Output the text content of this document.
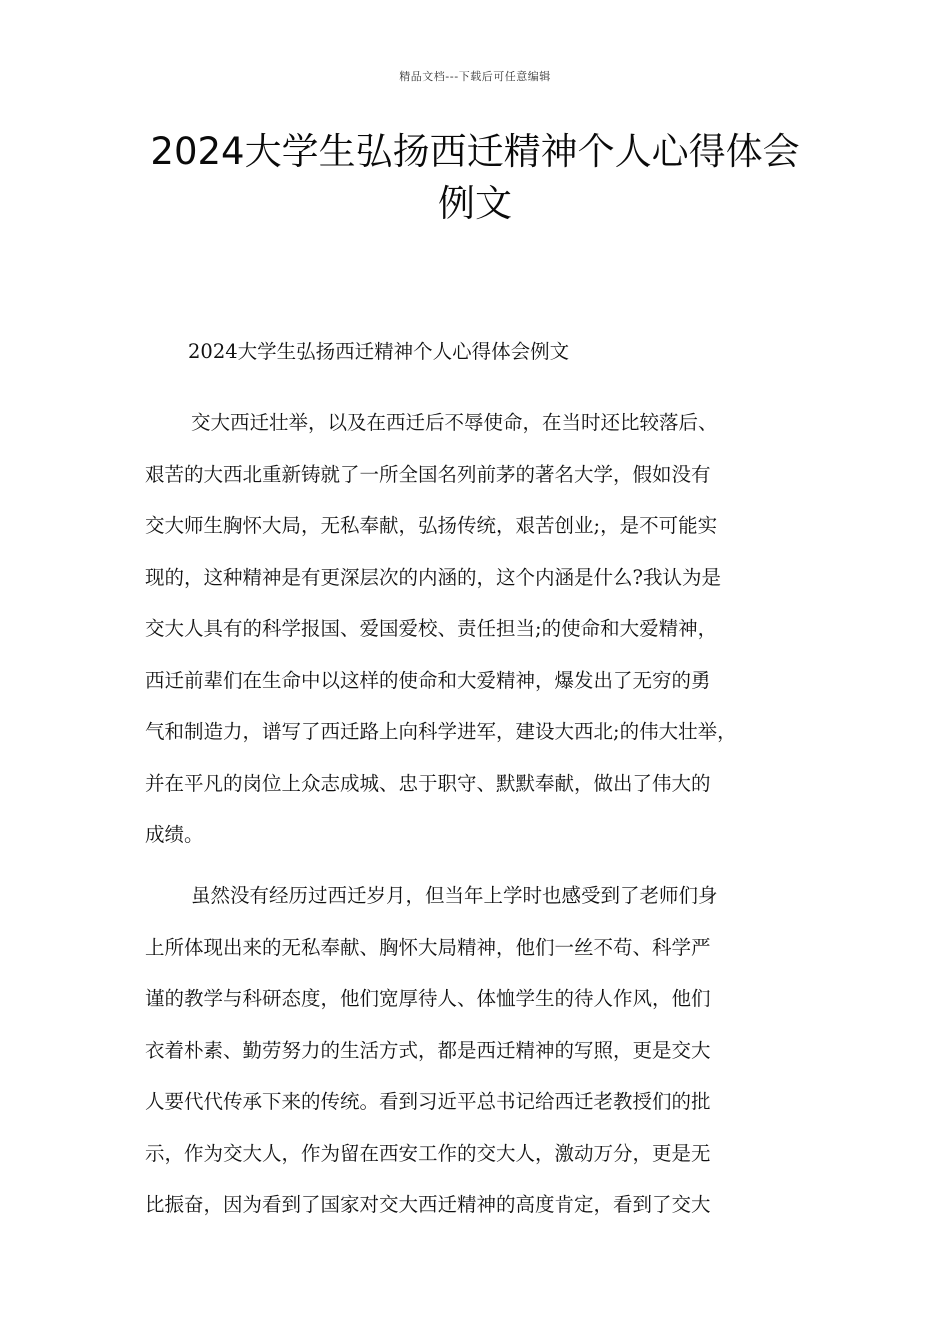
精品文档---下载后可任意编辑
2024大学生弘扬西迁精神个人心得体会
例文
2024大学生弘扬西迁精神个人心得体会例文
交大西迁壮举，以及在西迁后不辱使命，在当时还比较落后、
艰苦的大西北重新铸就了一所全国名列前茅的著名大学，假如没有
交大师生胸怀大局，无私奉献，弘扬传统，艰苦创业;，是不可能实
现的，这种精神是有更深层次的内涵的，这个内涵是什么?我认为是
交大人具有的科学报国、爱国爱校、责任担当;的使命和大爱精神，
西迁前辈们在生命中以这样的使命和大爱精神，爆发出了无穷的勇
气和制造力，谱写了西迁路上向科学进军，建设大西北;的伟大壮举，
并在平凡的岗位上众志成城、忠于职守、默默奉献，做出了伟大的
成绩。
虽然没有经历过西迁岁月，但当年上学时也感受到了老师们身
上所体现出来的无私奉献、胸怀大局精神，他们一丝不苟、科学严
谨的教学与科研态度，他们宽厚待人、体恤学生的待人作风，他们
衣着朴素、勤劳努力的生活方式，都是西迁精神的写照，更是交大
人要代代传承下来的传统。看到习近平总书记给西迁老教授们的批
示，作为交大人，作为留在西安工作的交大人，激动万分，更是无
比振奋，因为看到了国家对交大西迁精神的高度肯定，看到了交大
